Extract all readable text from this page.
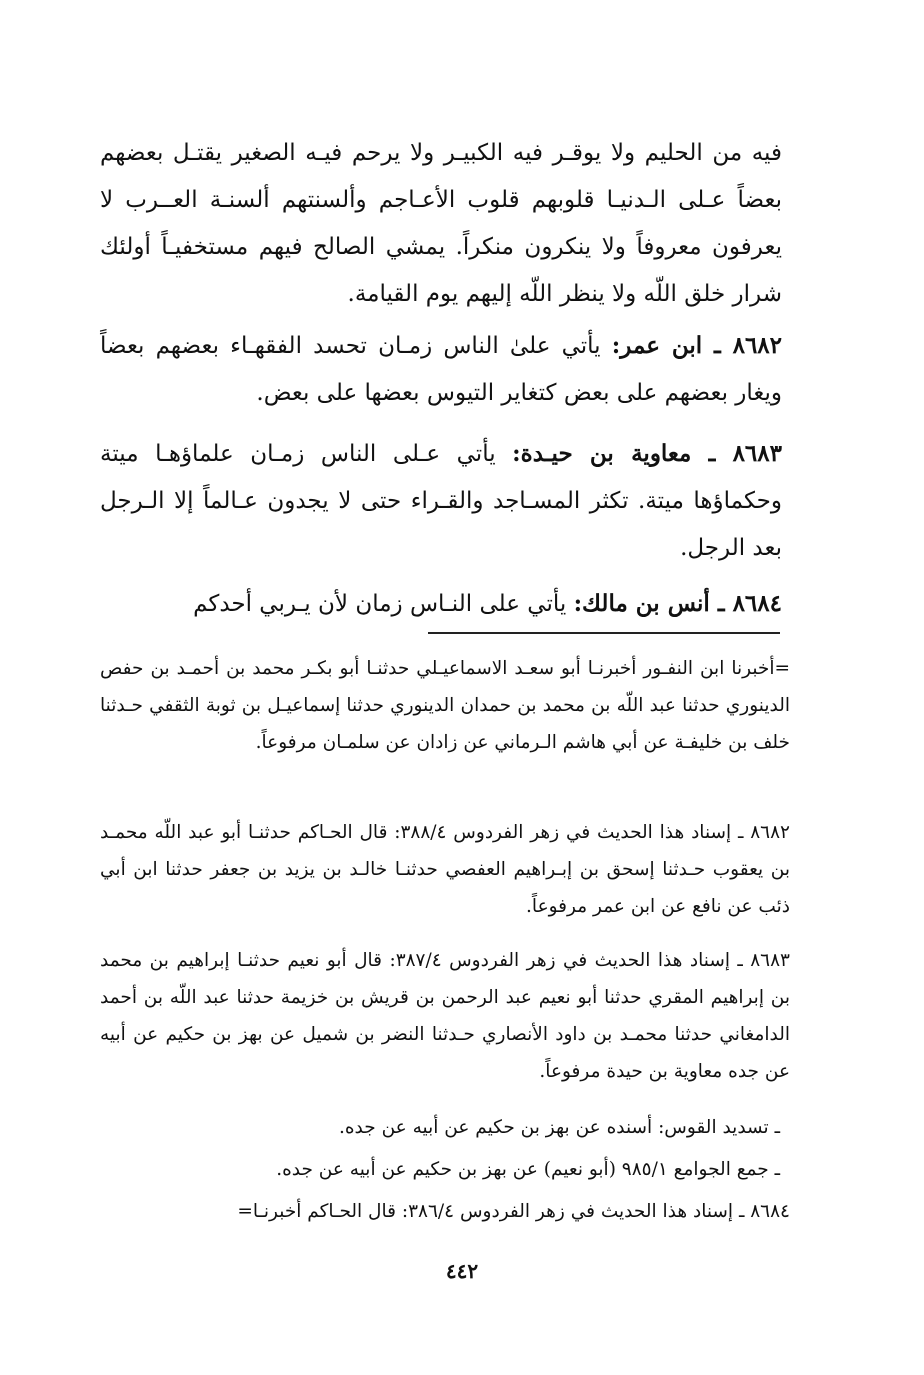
فيه من الحليم ولا يوقـر فيه الكبيـر ولا يرحم فيـه الصغير يقتـل بعضهم بعضاً عـلى الـدنيـا قلوبهم قلوب الأعـاجم وألسنتهم ألسنـة العــرب لا يعرفون معروفاً ولا ينكرون منكراً. يمشي الصالح فيهم مستخفيـاً أولئك شرار خلق اللّه ولا ينظر اللّه إليهم يوم القيامة.
٨٦٨٢ ـ ابن عمر: يأتي علىٰ الناس زمـان تحسد الفقهـاء بعضهم بعضاً ويغار بعضهم على بعض كتغاير التيوس بعضها على بعض.
٨٦٨٣ ـ معاوية بن حيـدة: يأتي عـلى الناس زمـان علماؤهـا ميتة وحكماؤها ميتة. تكثر المسـاجد والقـراء حتى لا يجدون عـالماً إلا الـرجل بعد الرجل.
٨٦٨٤ ـ أنس بن مالك: يأتي على النـاس زمان لأن يـربي أحدكم
=أخبرنا ابن النفـور أخبرنـا أبو سعـد الاسماعيـلي حدثنـا أبو بكـر محمد بن أحمـد بن حفص الدينوري حدثنا عبد اللّه بن محمد بن حمدان الدينوري حدثنا إسماعيـل بن ثوبة الثقفي حـدثنا خلف بن خليفـة عن أبي هاشم الـرماني عن زادان عن سلمـان مرفوعاً.
٨٦٨٢ ـ إسناد هذا الحديث في زهر الفردوس ٣٨٨/٤: قال الحـاكم حدثنـا أبو عبد اللّه محمـد بن يعقوب حـدثنا إسحق بن إبـراهيم العفصي حدثنـا خالـد بن يزيد بن جعفر حدثنا ابن أبي ذئب عن نافع عن ابن عمر مرفوعاً.
٨٦٨٣ ـ إسناد هذا الحديث في زهر الفردوس ٣٨٧/٤: قال أبو نعيم حدثنـا إبراهيم بن محمد بن إبراهيم المقري حدثنا أبو نعيم عبد الرحمن بن قريش بن خزيمة حدثنا عبد اللّه بن أحمد الدامغاني حدثنا محمـد بن داود الأنصاري حـدثنا النضر بن شميل عن بهز بن حكيم عن أبيه عن جده معاوية بن حيدة مرفوعاً.
ـ تسديد القوس: أسنده عن بهز بن حكيم عن أبيه عن جده.
ـ جمع الجوامع ٩٨٥/١ (أبو نعيم) عن بهز بن حكيم عن أبيه عن جده.
٨٦٨٤ ـ إسناد هذا الحديث في زهر الفردوس ٣٨٦/٤: قال الحـاكم أخبرنـا=
٤٤٢
